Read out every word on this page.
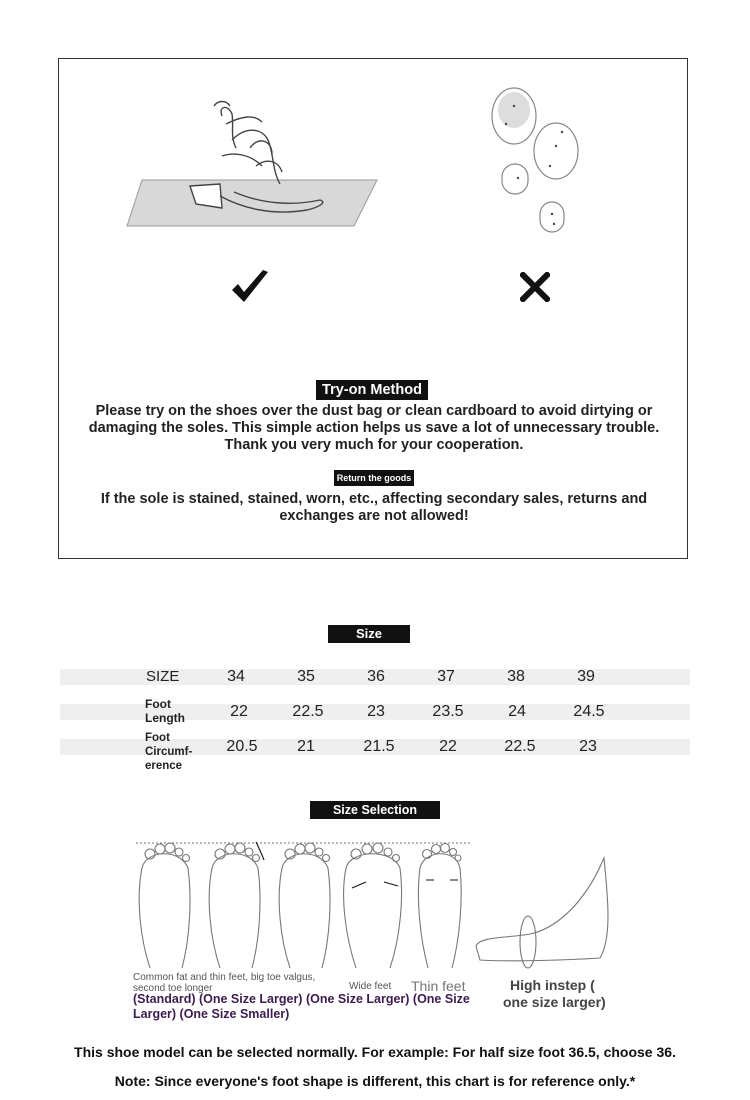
Try-on Method
Please try on the shoes over the dust bag or clean cardboard to avoid dirtying or damaging the soles. This simple action helps us save a lot of unnecessary trouble. Thank you very much for your cooperation.
Return the goods
If the sole is stained, stained, worn, etc., affecting secondary sales, returns and exchanges are not allowed!
Size
SIZE	34	35	36	37	38	39
Foot
Length	22	22.5	23	23.5	24	24.5
Foot
Circumf-
erence
20.5	21	21.5	22	22.5	23
Size Selection
Common fat and thin feet, big toe valgus,
second toe longer	Wide feet Thin feet	High instep (
one size larger)
(Standard) (One Size Larger) (One Size Larger) (One Size
Larger) (One Size Smaller)
This shoe model can be selected normally. For example: For half size foot 36.5, choose 36.
Note: Since everyone's foot shape is different, this chart is for reference only.*
